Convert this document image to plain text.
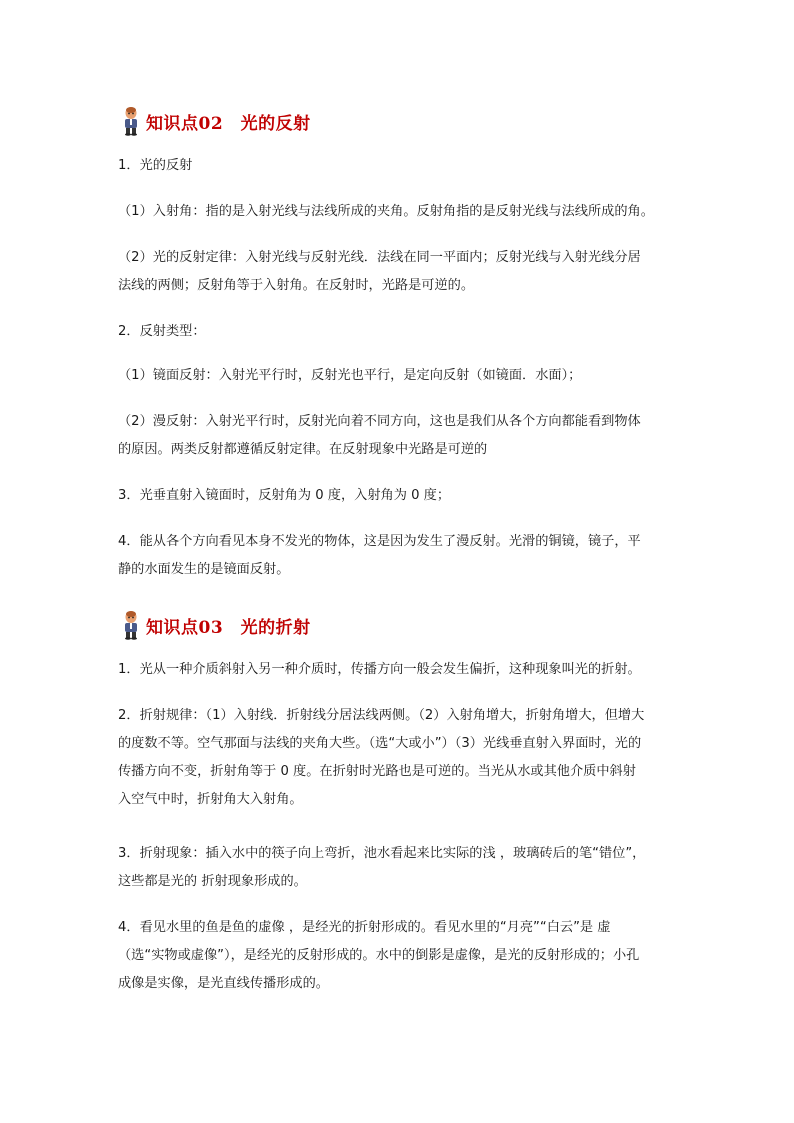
知识点02　光的反射

1．光的反射

（1）入射角：指的是入射光线与法线所成的夹角。反射角指的是反射光线与法线所成的角。

（2）光的反射定律：入射光线与反射光线．法线在同一平面内；反射光线与入射光线分居
法线的两侧；反射角等于入射角。在反射时，光路是可逆的。

2．反射类型：

（1）镜面反射：入射光平行时，反射光也平行，是定向反射（如镜面．水面）；

（2）漫反射：入射光平行时，反射光向着不同方向，这也是我们从各个方向都能看到物体
的原因。两类反射都遵循反射定律。在反射现象中光路是可逆的

3．光垂直射入镜面时，反射角为 0 度，入射角为 0 度；

4．能从各个方向看见本身不发光的物体，这是因为发生了漫反射。光滑的铜镜，镜子，平
静的水面发生的是镜面反射。

知识点03　光的折射

1．光从一种介质斜射入另一种介质时，传播方向一般会发生偏折，这种现象叫光的折射。

2．折射规律：（1）入射线．折射线分居法线两侧。（2）入射角增大，折射角增大，但增大
的度数不等。空气那面与法线的夹角大些。（选“大或小”）（3）光线垂直射入界面时，光的
传播方向不变，折射角等于 0 度。在折射时光路也是可逆的。当光从水或其他介质中斜射
入空气中时，折射角大入射角。

3．折射现象：插入水中的筷子向上弯折，池水看起来比实际的浅 ，玻璃砖后的笔“错位”，
这些都是光的 折射现象形成的。

4．看见水里的鱼是鱼的虚像 ，是经光的折射形成的。看见水里的“月亮”“白云”是 虚
（选“实物或虚像”），是经光的反射形成的。水中的倒影是虚像，是光的反射形成的；小孔
成像是实像，是光直线传播形成的。
